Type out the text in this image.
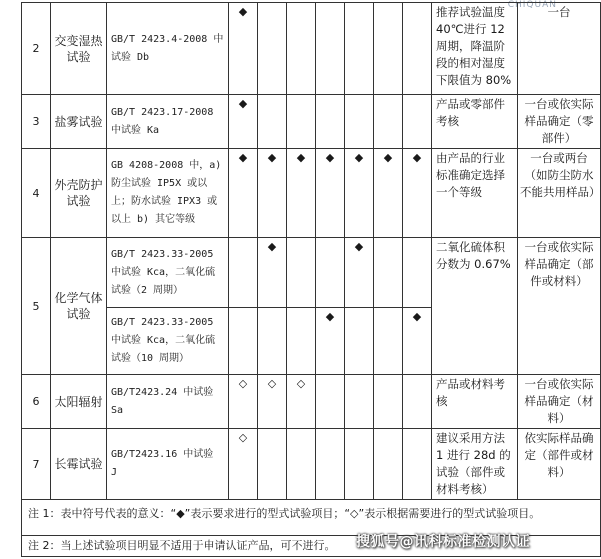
CHIQUAN
2	交变湿热试验	GB/T 2423.4-2008 中试验 Db	◆							推荐试验温度40℃进行 12 周期，降温阶段的相对湿度下限值为 80%	一台
3	盐雾试验	GB/T 2423.17-2008 中试验 Ka	◆							产品或零部件考核	一台或依实际样品确定（零部件）
4	外壳防护试验	GB 4208-2008 中，a) 防尘试验 IP5X 或以上；防水试验 IPX3 或以上 b) 其它等级	◆	◆	◆	◆	◆	◆	◆	由产品的行业标准确定选择一个等级	一台或两台（如防尘防水不能共用样品）
5	化学气体试验	GB/T 2423.33-2005 中试验 Kca，二氧化硫试验（2 周期）		◆			◆			二氧化硫体积分数为 0.67%	一台或依实际样品确定（部件或材料）
		GB/T 2423.33-2005 中试验 Kca，二氧化硫试验（10 周期）				◆			◆		
6	太阳辐射	GB/T2423.24 中试验 Sa	◇	◇	◇					产品或材料考核	一台或依实际样品确定（材料）
7	长霉试验	GB/T2423.16 中试验 J	◇							建议采用方法 1 进行 28d 的试验（部件或材料考核）	依实际样品确定（部件或材料）
注 1：表中符号代表的意义：“◆”表示要求进行的型式试验项目；“◇”表示根据需要进行的型式试验项目。											
注 2：当上述试验项目明显不适用于申请认证产品，可不进行。											搜狐号@讯科标准检测认证
